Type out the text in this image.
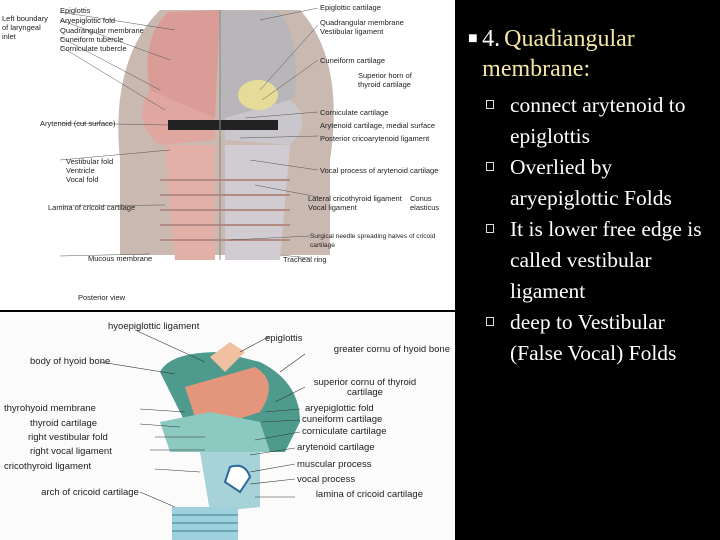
Left boundary of laryngeal inlet
Epiglottis
Aryepiglottic fold
Quadrangular membrane
Cuneiform tubercle
Corniculate tubercle
Arytenoid (cut surface)
Vestibular fold
Ventricle
Vocal fold
Lamina of cricoid cartilage
Mucous membrane
Epiglottic cartilage
Quadrangular membrane
Vestibular ligament
Cuneiform cartilage
Superior horn of thyroid cartilage
Corniculate cartilage
Arytenoid cartilage, medial surface
Posterior cricoarytenoid ligament
Vocal process of arytenoid cartilage
Lateral cricothyroid ligament
Vocal ligament
Conus elasticus
Surgical needle spreading halves of cricoid cartilage
Tracheal ring
Posterior view
hyoepiglottic ligament
epiglottis
greater cornu of hyoid bone
superior cornu of thyroid cartilage
aryepiglottic fold
cuneiform cartilage
corniculate cartilage
arytenoid cartilage
muscular process
vocal process
lamina of cricoid cartilage
body of hyoid bone
thyrohyoid membrane
thyroid cartilage
right vestibular fold
right vocal ligament
cricothyroid ligament
arch of cricoid cartilage
■ 4. Quadiangular membrane:
connect arytenoid to epiglottis
Overlied by aryepiglottic Folds
It is lower free edge is called vestibular ligament
deep to Vestibular (False Vocal) Folds
